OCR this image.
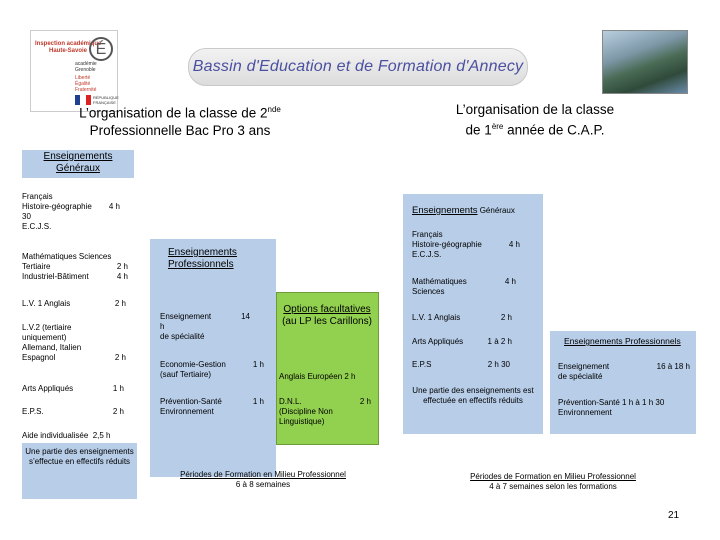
Inspection académique
Haute-Savoie É
académie
Grenoble
Liberté
Égalité
Fraternité
RÉPUBLIQUE
FRANÇAISE
Bassin d'Education et de Formation d'Annecy
L’organisation de la classe de 2nde
Professionnelle Bac Pro 3 ans
L’organisation de la classe
de 1ère année de C.A.P.
Enseignements Généraux
Français
Histoire-géographie 4 h
30
E.C.J.S.
Mathématiques Sciences
Tertiaire	2 h
Industriel-Bâtiment	4 h
L.V. 1 Anglais	2 h
L.V.2 (tertiaire
uniquement)
Allemand, Italien
Espagnol	2 h
Arts Appliqués	1 h
E.P.S.	2 h
Aide individualisée  2,5 h
Une partie des enseignements s’effectue en effectifs réduits
Enseignements Professionnels
Enseignement	14
h
de spécialité
Economie-Gestion	1 h
(sauf Tertiaire)
Prévention-Santé	1 h
Environnement
Options facultatives
(au LP les Carillons)
Anglais Européen 2 h
D.N.L.	2 h
(Discipline Non
Linguistique)
Périodes de Formation en Milieu Professionnel
6 à 8 semaines
Enseignements Généraux
Français
Histoire-géographie	4 h
E.C.J.S.
Mathématiques	4 h
Sciences
L.V. 1 Anglais	2 h
Arts Appliqués	1 à 2 h
E.P.S	2 h 30
Une partie des enseignements est effectuée en effectifs réduits
Enseignements Professionnels
Enseignement	16 à 18 h
de spécialité
Prévention-Santé 1 h à 1 h 30
Environnement
Périodes de Formation en Milieu Professionnel
4 à 7 semaines selon les formations
21
